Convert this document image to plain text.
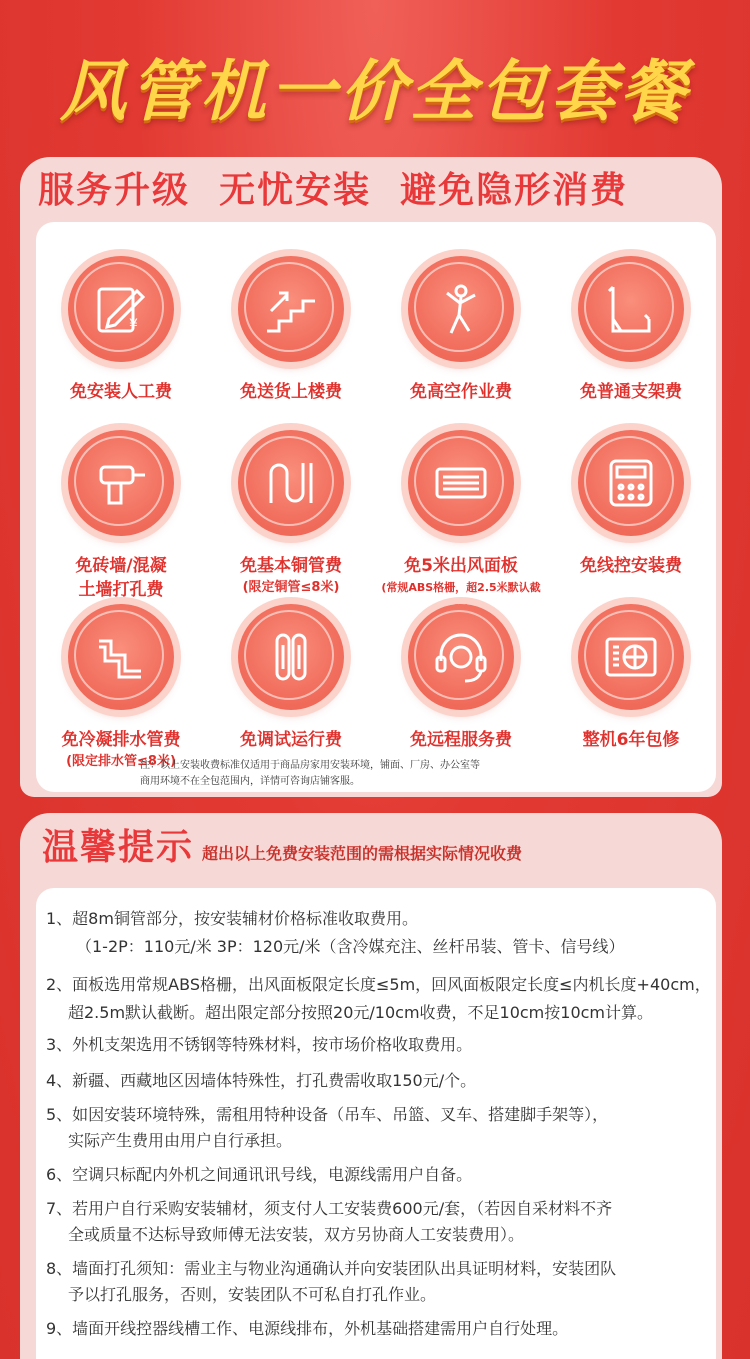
风管机一价全包套餐
服务升级  无忧安装  避免隐形消费
¥
免安装人工费	免送货上楼费	免高空作业费	免普通支架费
免砖墙/混凝
土墙打孔费
免基本铜管费
(限定铜管≤8米)
免5米出风面板
(常规ABS格栅，超2.5米默认截
免线控安装费
免冷凝排水管费
(限定排水管≤8米)
免调试运行费	免远程服务费	整机6年包修
注：以上安装收费标准仅适用于商品房家用安装环境，铺面、厂房、办公室等
商用环境不在全包范围内，详情可咨询店铺客服。
温馨提示 超出以上免费安装范围的需根据实际情况收费
1、超8m铜管部分，按安装辅材价格标准收取费用。
（1-2P：110元/米 3P：120元/米（含冷媒充注、丝杆吊装、管卡、信号线）
2、面板选用常规ABS格栅，出风面板限定长度≤5m，回风面板限定长度≤内机长度+40cm，
超2.5m默认截断。超出限定部分按照20元/10cm收费，不足10cm按10cm计算。
3、外机支架选用不锈钢等特殊材料，按市场价格收取费用。
4、新疆、西藏地区因墙体特殊性，打孔费需收取150元/个。
5、如因安装环境特殊，需租用特种设备（吊车、吊篮、叉车、搭建脚手架等），
实际产生费用由用户自行承担。
6、空调只标配内外机之间通讯讯号线，电源线需用户自备。
7、若用户自行采购安装辅材，须支付人工安装费600元/套，（若因自采材料不齐
全或质量不达标导致师傅无法安装，双方另协商人工安装费用）。
8、墙面打孔须知：需业主与物业沟通确认并向安装团队出具证明材料，安装团队
予以打孔服务，否则，安装团队不可私自打孔作业。
9、墙面开线控器线槽工作、电源线排布，外机基础搭建需用户自行处理。
